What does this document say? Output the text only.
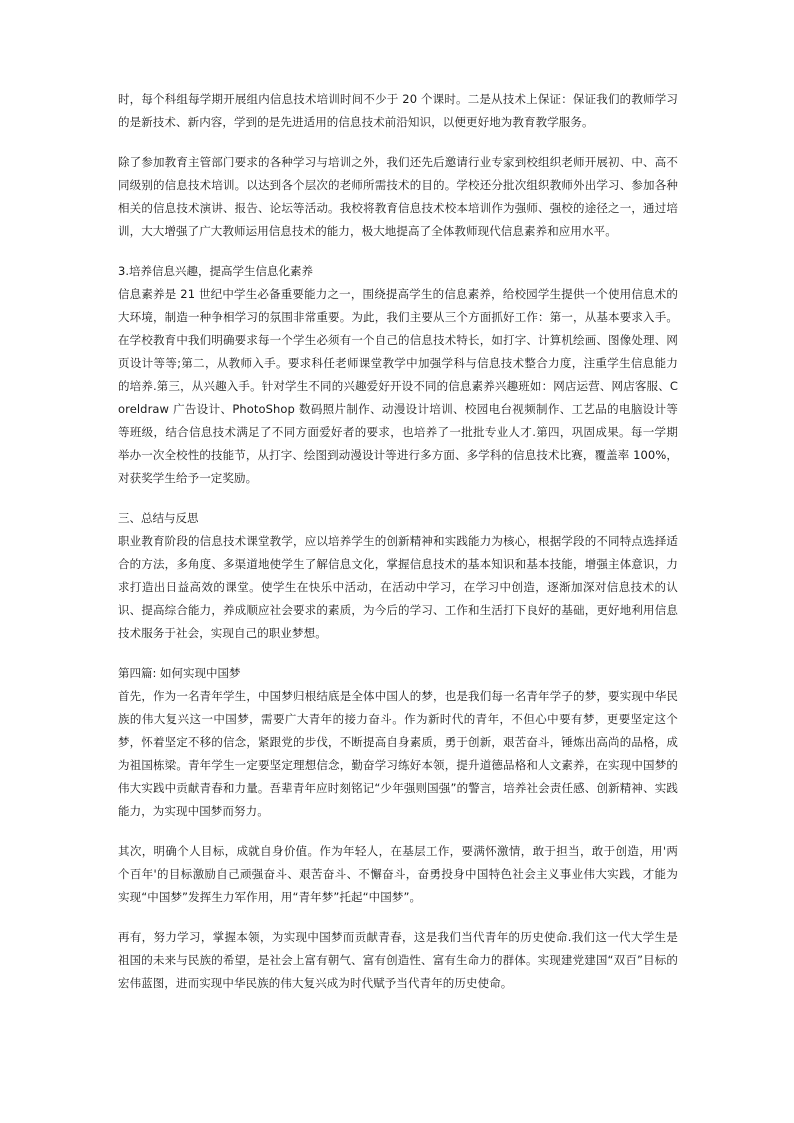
时，每个科组每学期开展组内信息技术培训时间不少于 20 个课时。二是从技术上保证：保证我们的教师学习的是新技术、新内容，学到的是先进适用的信息技术前沿知识，以便更好地为教育教学服务。

除了参加教育主管部门要求的各种学习与培训之外，我们还先后邀请行业专家到校组织老师开展初、中、高不同级别的信息技术培训。以达到各个层次的老师所需技术的目的。学校还分批次组织教师外出学习、参加各种相关的信息技术演讲、报告、论坛等活动。我校将教育信息技术校本培训作为强师、强校的途径之一，通过培训，大大增强了广大教师运用信息技术的能力，极大地提高了全体教师现代信息素养和应用水平。

3.培养信息兴趣，提高学生信息化素养

信息素养是 21 世纪中学生必备重要能力之一，围绕提高学生的信息素养，给校园学生提供一个使用信息术的大环境，制造一种争相学习的氛围非常重要。为此，我们主要从三个方面抓好工作：第一，从基本要求入手。在学校教育中我们明确要求每一个学生必须有一个自己的信息技术特长，如打字、计算机绘画、图像处理、网页设计等等;第二，从教师入手。要求科任老师课堂教学中加强学科与信息技术整合力度，注重学生信息能力的培养.第三，从兴趣入手。针对学生不同的兴趣爱好开设不同的信息素养兴趣班如：网店运营、网店客服、Coreldraw 广告设计、PhotoShop 数码照片制作、动漫设计培训、校园电台视频制作、工艺品的电脑设计等等班级，结合信息技术满足了不同方面爱好者的要求，也培养了一批批专业人才.第四，巩固成果。每一学期举办一次全校性的技能节，从打字、绘图到动漫设计等进行多方面、多学科的信息技术比赛，覆盖率 100%，对获奖学生给予一定奖励。

三、总结与反思

职业教育阶段的信息技术课堂教学，应以培养学生的创新精神和实践能力为核心，根据学段的不同特点选择适合的方法，多角度、多渠道地使学生了解信息文化，掌握信息技术的基本知识和基本技能，增强主体意识，力求打造出日益高效的课堂。使学生在快乐中活动，在活动中学习，在学习中创造，逐渐加深对信息技术的认识、提高综合能力，养成顺应社会要求的素质，为今后的学习、工作和生活打下良好的基础，更好地利用信息技术服务于社会，实现自己的职业梦想。

第四篇: 如何实现中国梦

首先，作为一名青年学生，中国梦归根结底是全体中国人的梦，也是我们每一名青年学子的梦，要实现中华民族的伟大复兴这一中国梦，需要广大青年的接力奋斗。作为新时代的青年，不但心中要有梦，更要坚定这个梦，怀着坚定不移的信念，紧跟党的步伐，不断提高自身素质，勇于创新，艰苦奋斗，锤炼出高尚的品格，成为祖国栋梁。青年学生一定要坚定理想信念，勤奋学习练好本领，提升道德品格和人文素养，在实现中国梦的伟大实践中贡献青春和力量。吾辈青年应时刻铭记“少年强则国强”的警言，培养社会责任感、创新精神、实践能力，为实现中国梦而努力。

其次，明确个人目标，成就自身价值。作为年轻人，在基层工作，要满怀激情，敢于担当，敢于创造，用'两个百年'的目标激励自己顽强奋斗、艰苦奋斗、不懈奋斗，奋勇投身中国特色社会主义事业伟大实践，才能为实现“中国梦”发挥生力军作用，用“青年梦”托起“中国梦”。

再有，努力学习，掌握本领，为实现中国梦而贡献青春，这是我们当代青年的历史使命.我们这一代大学生是祖国的未来与民族的希望，是社会上富有朝气、富有创造性、富有生命力的群体。实现建党建国“双百”目标的宏伟蓝图，进而实现中华民族的伟大复兴成为时代赋予当代青年的历史使命。
